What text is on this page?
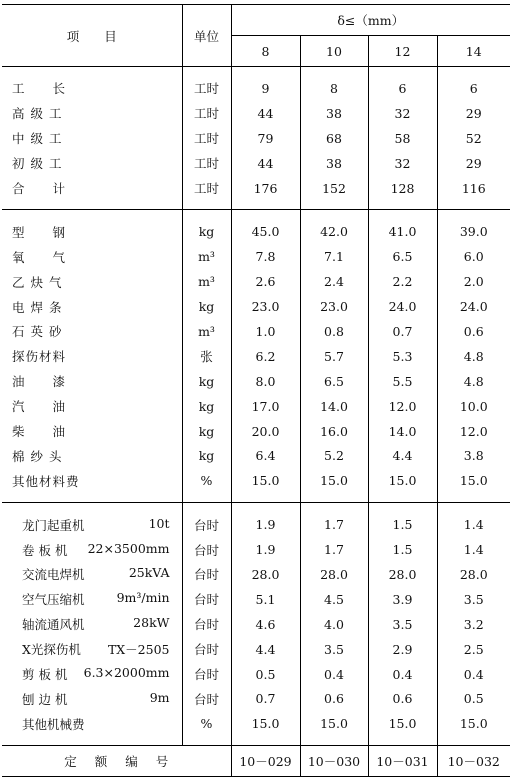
项　　目	单位	δ≤（mm）			
		8	10	12	14

工　　长	工时	9	8	6	6
高 级 工	工时	44	38	32	29
中 级 工	工时	79	68	58	52
初 级 工	工时	44	38	32	29
合　　计	工时	176	152	128	116

型　　钢	kg	45.0	42.0	41.0	39.0
氧　　气	m³	7.8	7.1	6.5	6.0
乙 炔 气	m³	2.6	2.4	2.2	2.0
电 焊 条	kg	23.0	23.0	24.0	24.0
石 英 砂	m³	1.0	0.8	0.7	0.6
探伤材料	张	6.2	5.7	5.3	4.8
油　　漆	kg	8.0	6.5	5.5	4.8
汽　　油	kg	17.0	14.0	12.0	10.0
柴　　油	kg	20.0	16.0	14.0	12.0
棉 纱 头	kg	6.4	5.2	4.4	3.8
其他材料费	%	15.0	15.0	15.0	15.0

龙门起重机 10t	台时	1.9	1.7	1.5	1.4

卷 板 机 22×3500mm	台时	1.9	1.7	1.5	1.4

交流电焊机 25kVA	台时	28.0	28.0	28.0	28.0

空气压缩机 9m³/min	台时	5.1	4.5	3.9	3.5

轴流通风机 28kW	台时	4.6	4.0	3.5	3.2

X光探伤机 TX－2505	台时	4.4	3.5	2.9	2.5

剪 板 机 6.3×2000mm	台时	0.5	0.4	0.4	0.4

刨 边 机 9m	台时	0.7	0.6	0.6	0.5

其他机械费	%	15.0	15.0	15.0	15.0

定额编号		10－029	10－030	10－031	10－032
